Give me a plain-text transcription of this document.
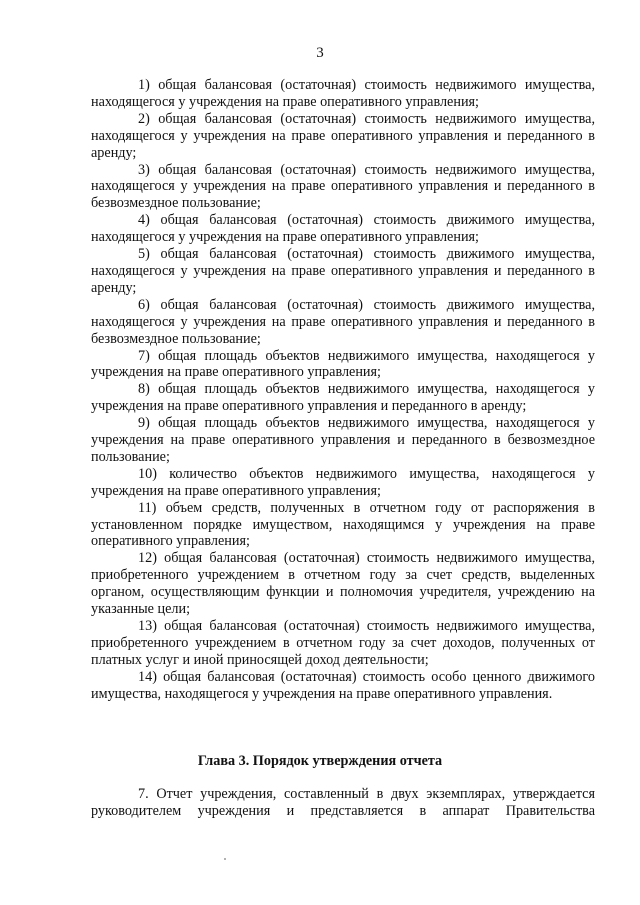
3

1) общая балансовая (остаточная) стоимость недвижимого имущества, находящегося у учреждения на праве оперативного управления;

2) общая балансовая (остаточная) стоимость недвижимого имущества, находящегося у учреждения на праве оперативного управления и переданного в аренду;

3) общая балансовая (остаточная) стоимость недвижимого имущества, находящегося у учреждения на праве оперативного управления и переданного в безвозмездное пользование;

4) общая балансовая (остаточная) стоимость движимого имущества, находящегося у учреждения на праве оперативного управления;

5) общая балансовая (остаточная) стоимость движимого имущества, находящегося у учреждения на праве оперативного управления и переданного в аренду;

6) общая балансовая (остаточная) стоимость движимого имущества, находящегося у учреждения на праве оперативного управления и переданного в безвозмездное пользование;

7) общая площадь объектов недвижимого имущества, находящегося у учреждения на праве оперативного управления;

8) общая площадь объектов недвижимого имущества, находящегося у учреждения на праве оперативного управления и переданного в аренду;

9) общая площадь объектов недвижимого имущества, находящегося у учреждения на праве оперативного управления и переданного в безвозмездное пользование;

10) количество объектов недвижимого имущества, находящегося у учреждения на праве оперативного управления;

11) объем средств, полученных в отчетном году от распоряжения в установленном порядке имуществом, находящимся у учреждения на праве оперативного управления;

12) общая балансовая (остаточная) стоимость недвижимого имущества, приобретенного учреждением в отчетном году за счет средств, выделенных органом, осуществляющим функции и полномочия учредителя, учреждению на указанные цели;

13) общая балансовая (остаточная) стоимость недвижимого имущества, приобретенного учреждением в отчетном году за счет доходов, полученных от платных услуг и иной приносящей доход деятельности;

14) общая балансовая (остаточная) стоимость особо ценного движимого имущества, находящегося у учреждения на праве оперативного управления.

Глава 3. Порядок утверждения отчета

7. Отчет учреждения, составленный в двух экземплярах, утверждается руководителем учреждения и представляется в аппарат Правительства
